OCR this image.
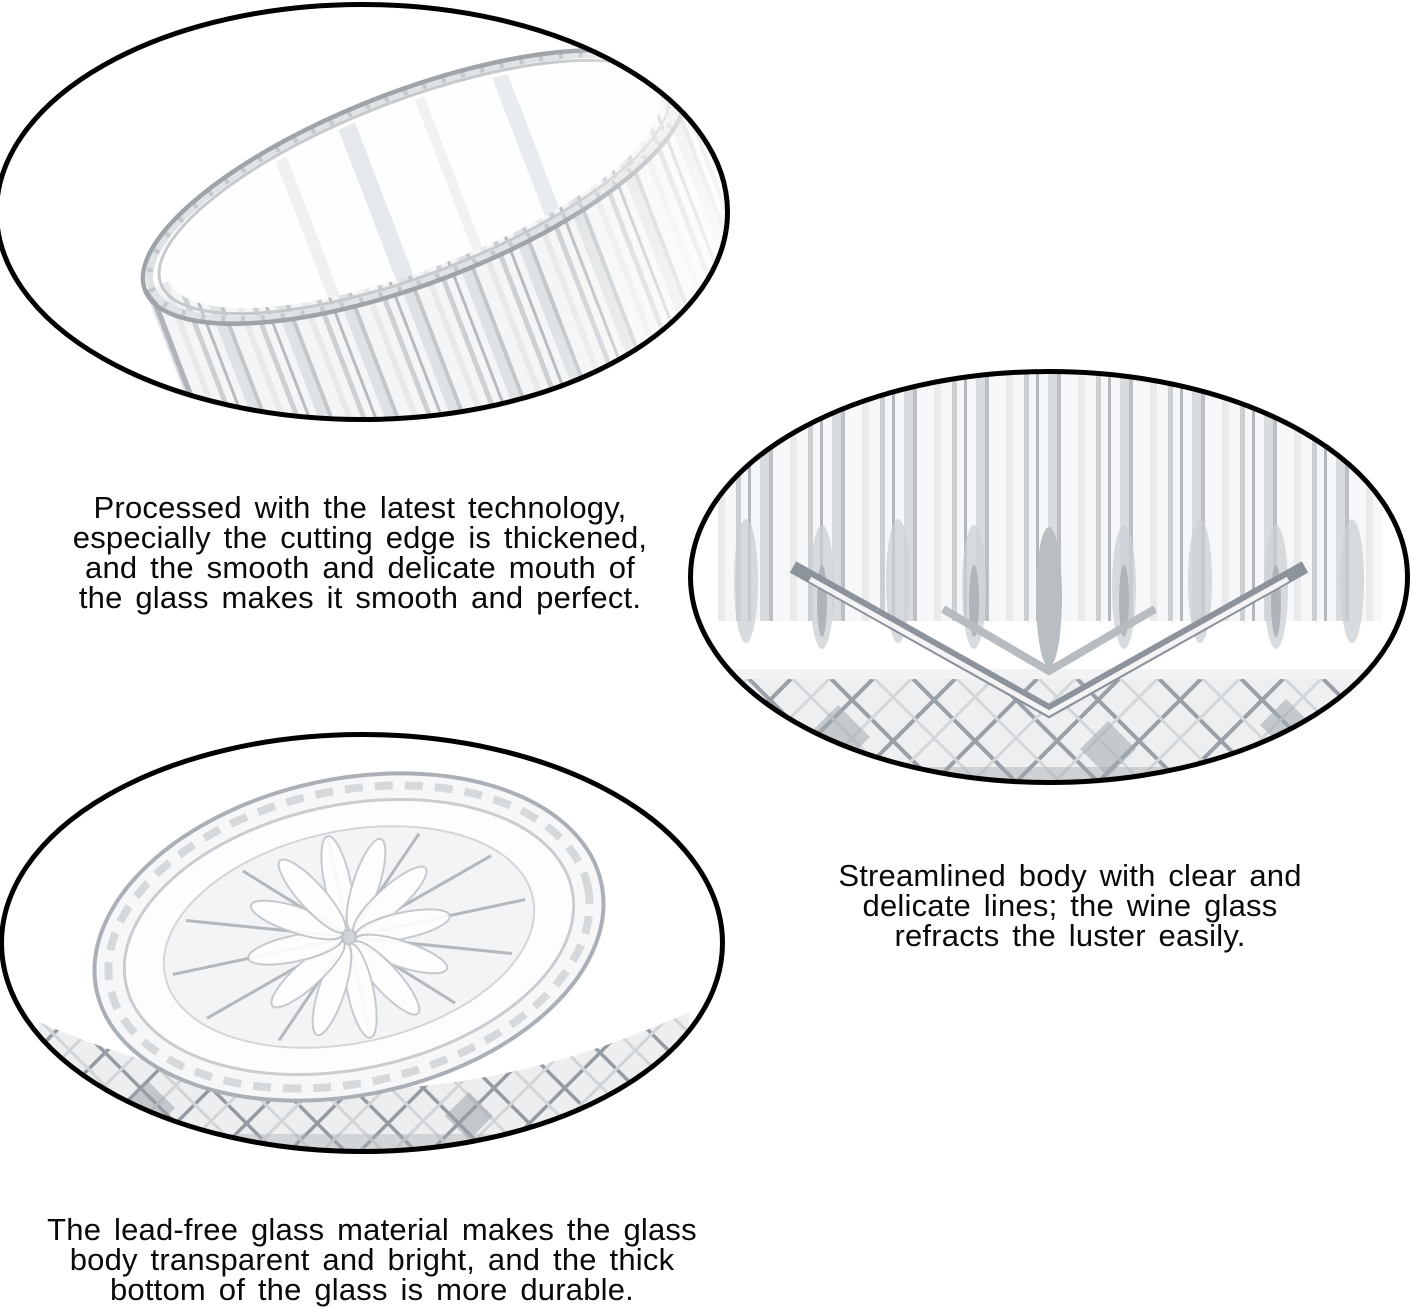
Processed with the latest technology,
especially the cutting edge is thickened,
and the smooth and delicate mouth of
the glass makes it smooth and perfect.
Streamlined body with clear and
delicate lines; the wine glass
refracts the luster easily.
The lead-free glass material makes the glass
body transparent and bright, and the thick
bottom of the glass is more durable.
